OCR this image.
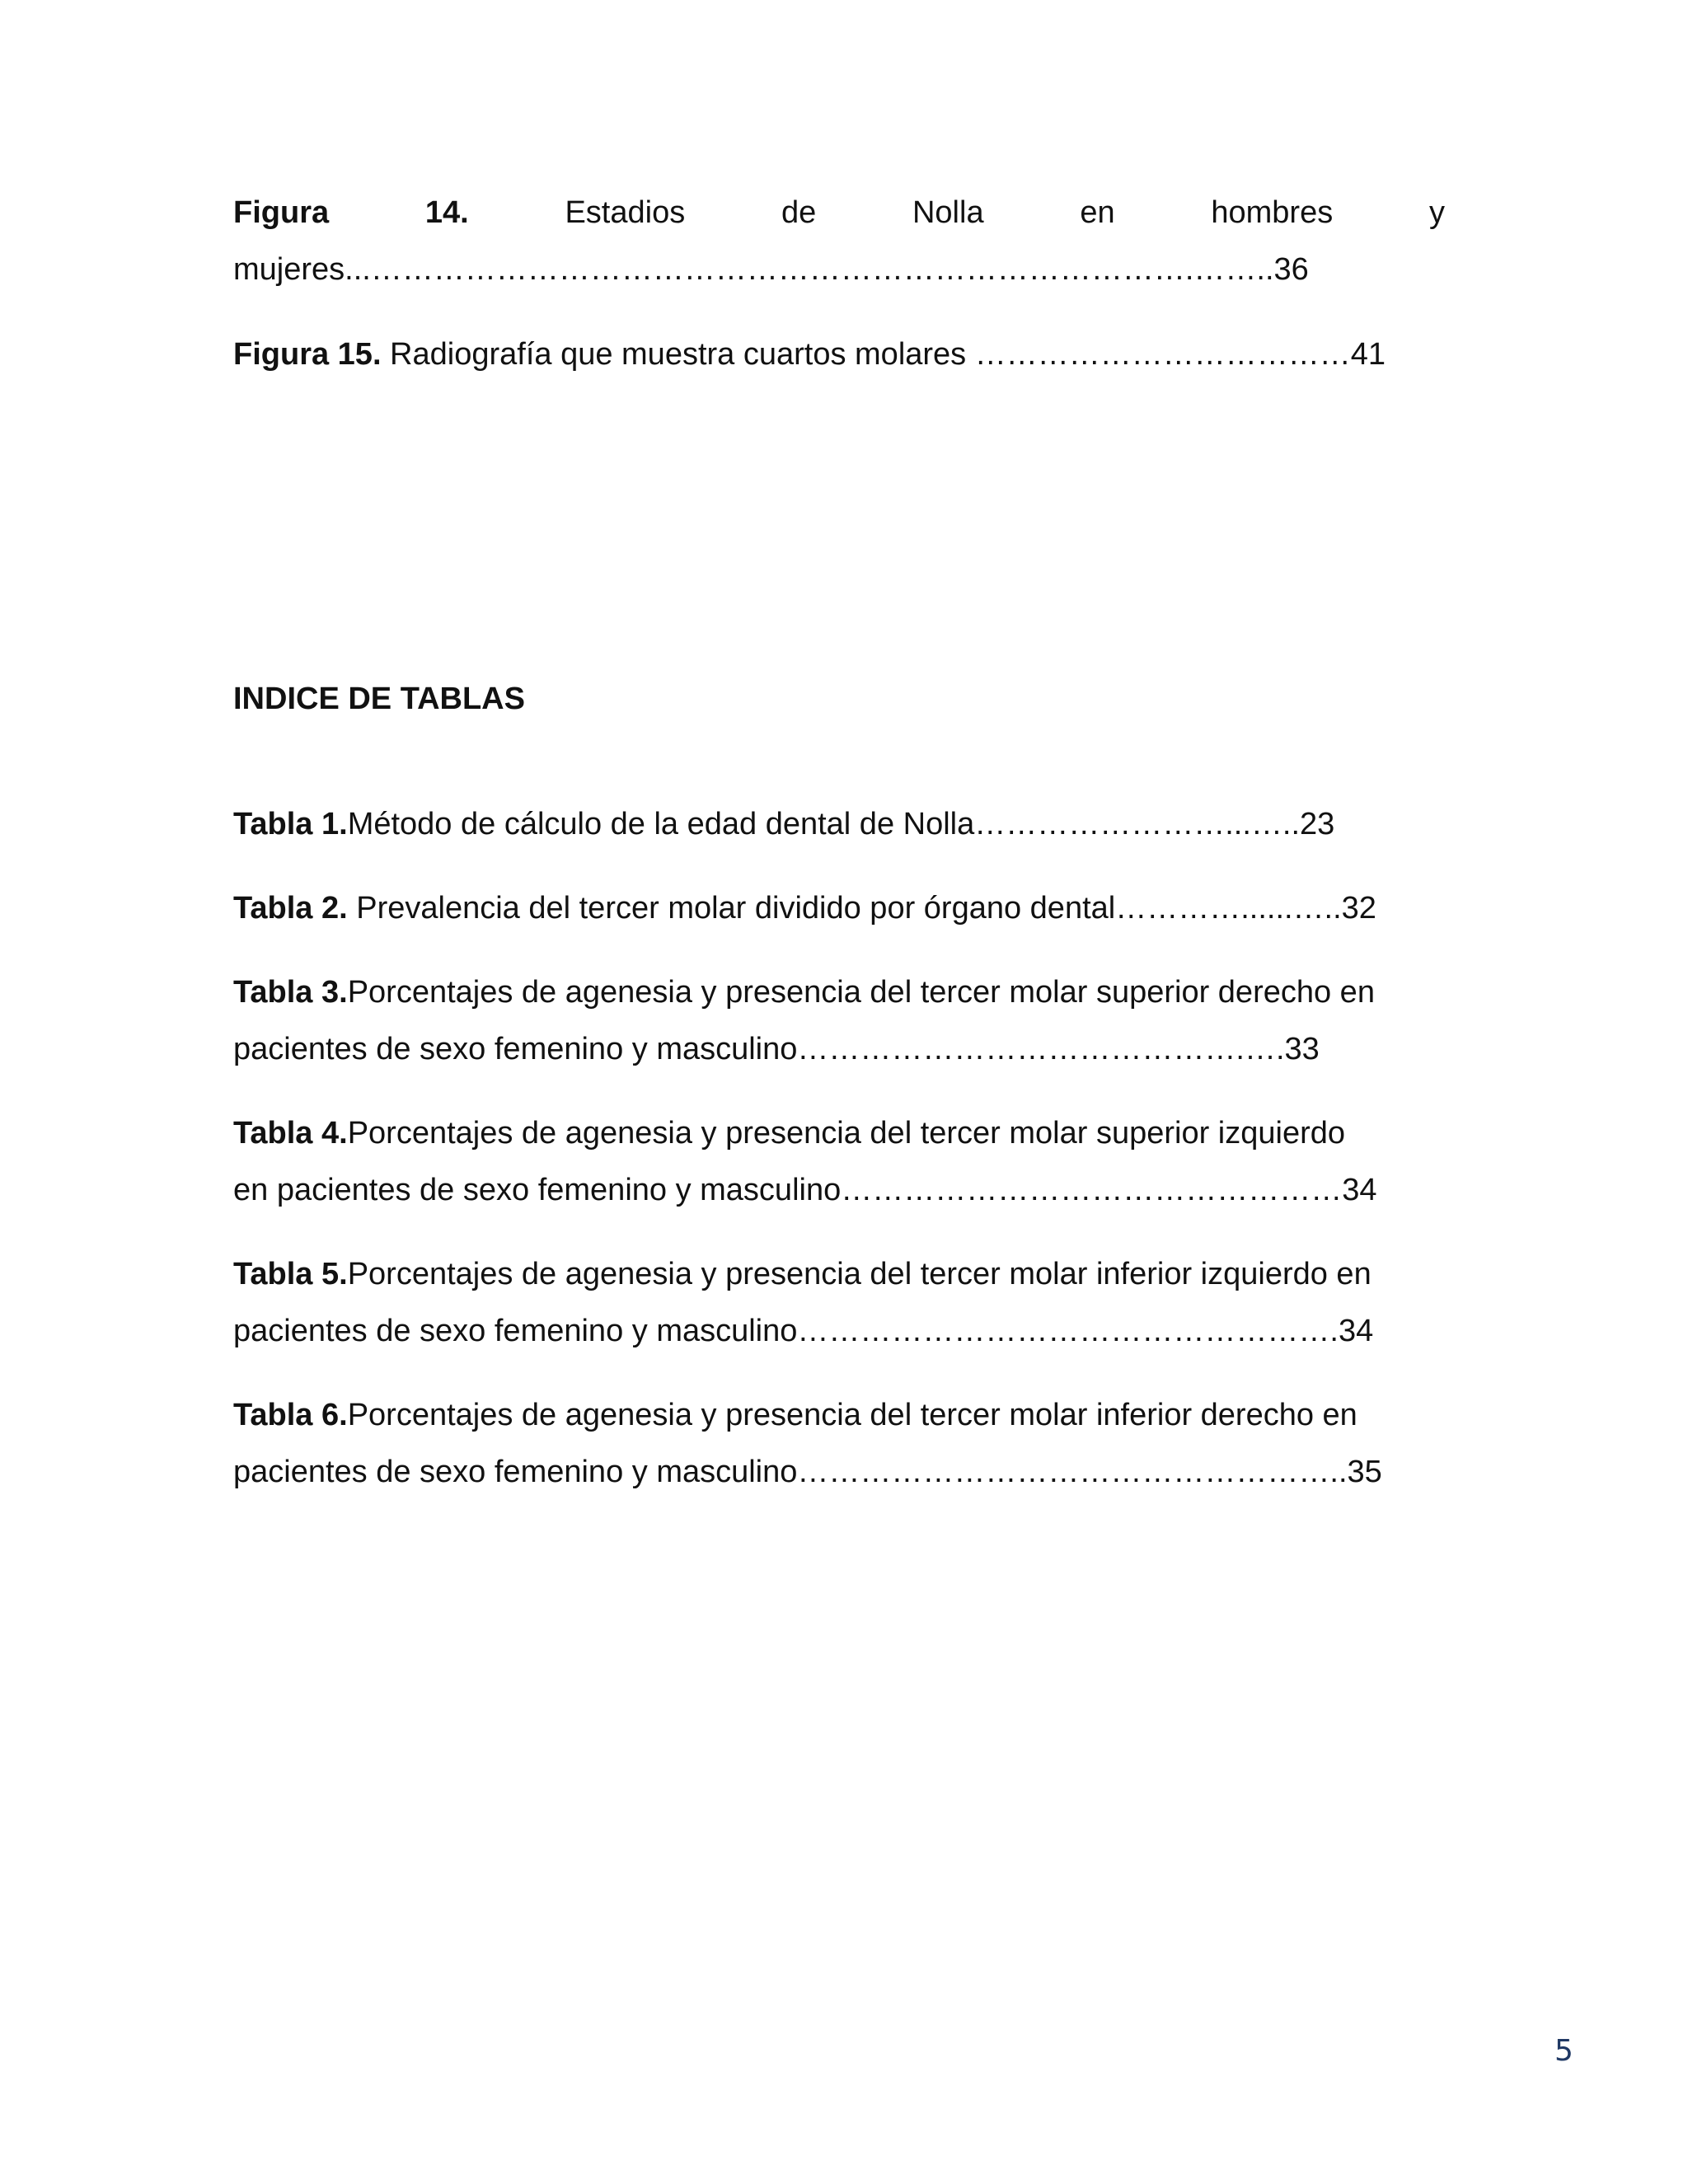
Figura	14.	Estadios	de	Nolla	en	hombres	y
mujeres...…………………………………………………………………….……..36
Figura 15. Radiografía que muestra cuartos molares ………………………………41
INDICE DE TABLAS
Tabla 1.Método de cálculo de la edad dental de Nolla……………………...…..23
Tabla 2. Prevalencia del tercer molar dividido por órgano dental…………......…..32
Tabla 3.Porcentajes de agenesia y presencia del tercer molar superior derecho en
pacientes de sexo femenino y masculino…………………………………….….33
Tabla 4.Porcentajes de agenesia y presencia del tercer molar superior izquierdo
en pacientes de sexo femenino y masculino…………………………………………34
Tabla 5.Porcentajes de agenesia y presencia del tercer molar inferior izquierdo en
pacientes de sexo femenino y masculino…………………………………………….34
Tabla 6.Porcentajes de agenesia y presencia del tercer molar inferior derecho en
pacientes de sexo femenino y masculino……………………………………………..35
5
